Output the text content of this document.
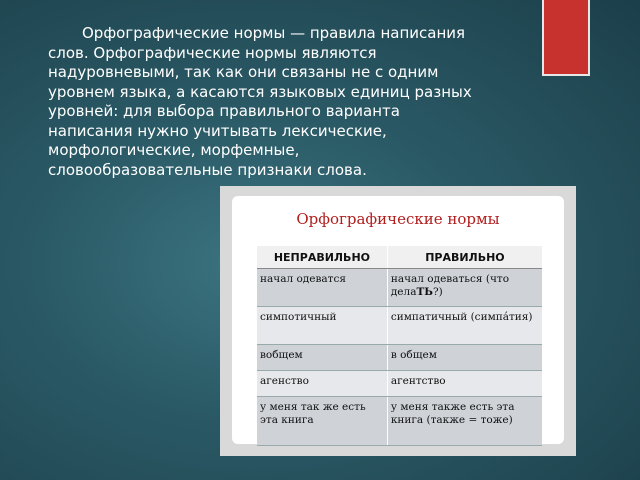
Орфографические нормы — правила написания слов. Орфографические нормы являются надуровневыми, так как они связаны не с одним уровнем языка, а касаются языковых единиц разных уровней: для выбора правильного варианта написания нужно учитывать лексические, морфологические, морфемные, словообразовательные признаки слова.

Орфографические нормы
НЕПРАВИЛЬНО	ПРАВИЛЬНО
начал одеватся	начал одеваться (что делаТЬ?)
симпотичный	симпатичный (симпа́тия)
вобщем	в общем
агенство	агентство
у меня так же есть эта книга	у меня также есть эта книга (также = тоже)
